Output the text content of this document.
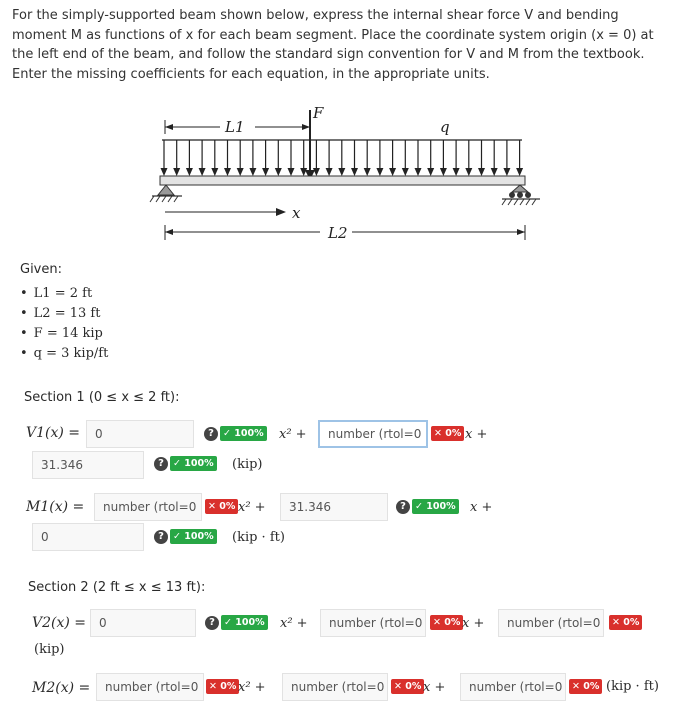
For the simply-supported beam shown below, express the internal shear force V and bending moment M as functions of x for each beam segment. Place the coordinate system origin (x = 0) at the left end of the beam, and follow the standard sign convention for V and M from the textbook. Enter the missing coefficients for each equation, in the appropriate units.
L1
F
q
x
L2
Given:
• L1 = 2 ft
• L2 = 13 ft
• F = 14 kip
• q = 3 kip/ft
Section 1 (0 ≤ x ≤ 2 ft):
V1(x) =	0	? ✓ 100% x² +	number (rtol=0	✕ 0% x +
31.346	? ✓ 100% (kip)
M1(x) =	number (rtol=0	✕ 0% x² +	31.346	? ✓ 100% x +
0	? ✓ 100% (kip · ft)
Section 2 (2 ft ≤ x ≤ 13 ft):
V2(x) =	0	? ✓ 100% x² +	number (rtol=0	✕ 0% x +	number (rtol=0	✕ 0%
(kip)
M2(x) =	number (rtol=0	✕ 0% x² +	number (rtol=0	✕ 0% x +	number (rtol=0	✕ 0% (kip · ft)
